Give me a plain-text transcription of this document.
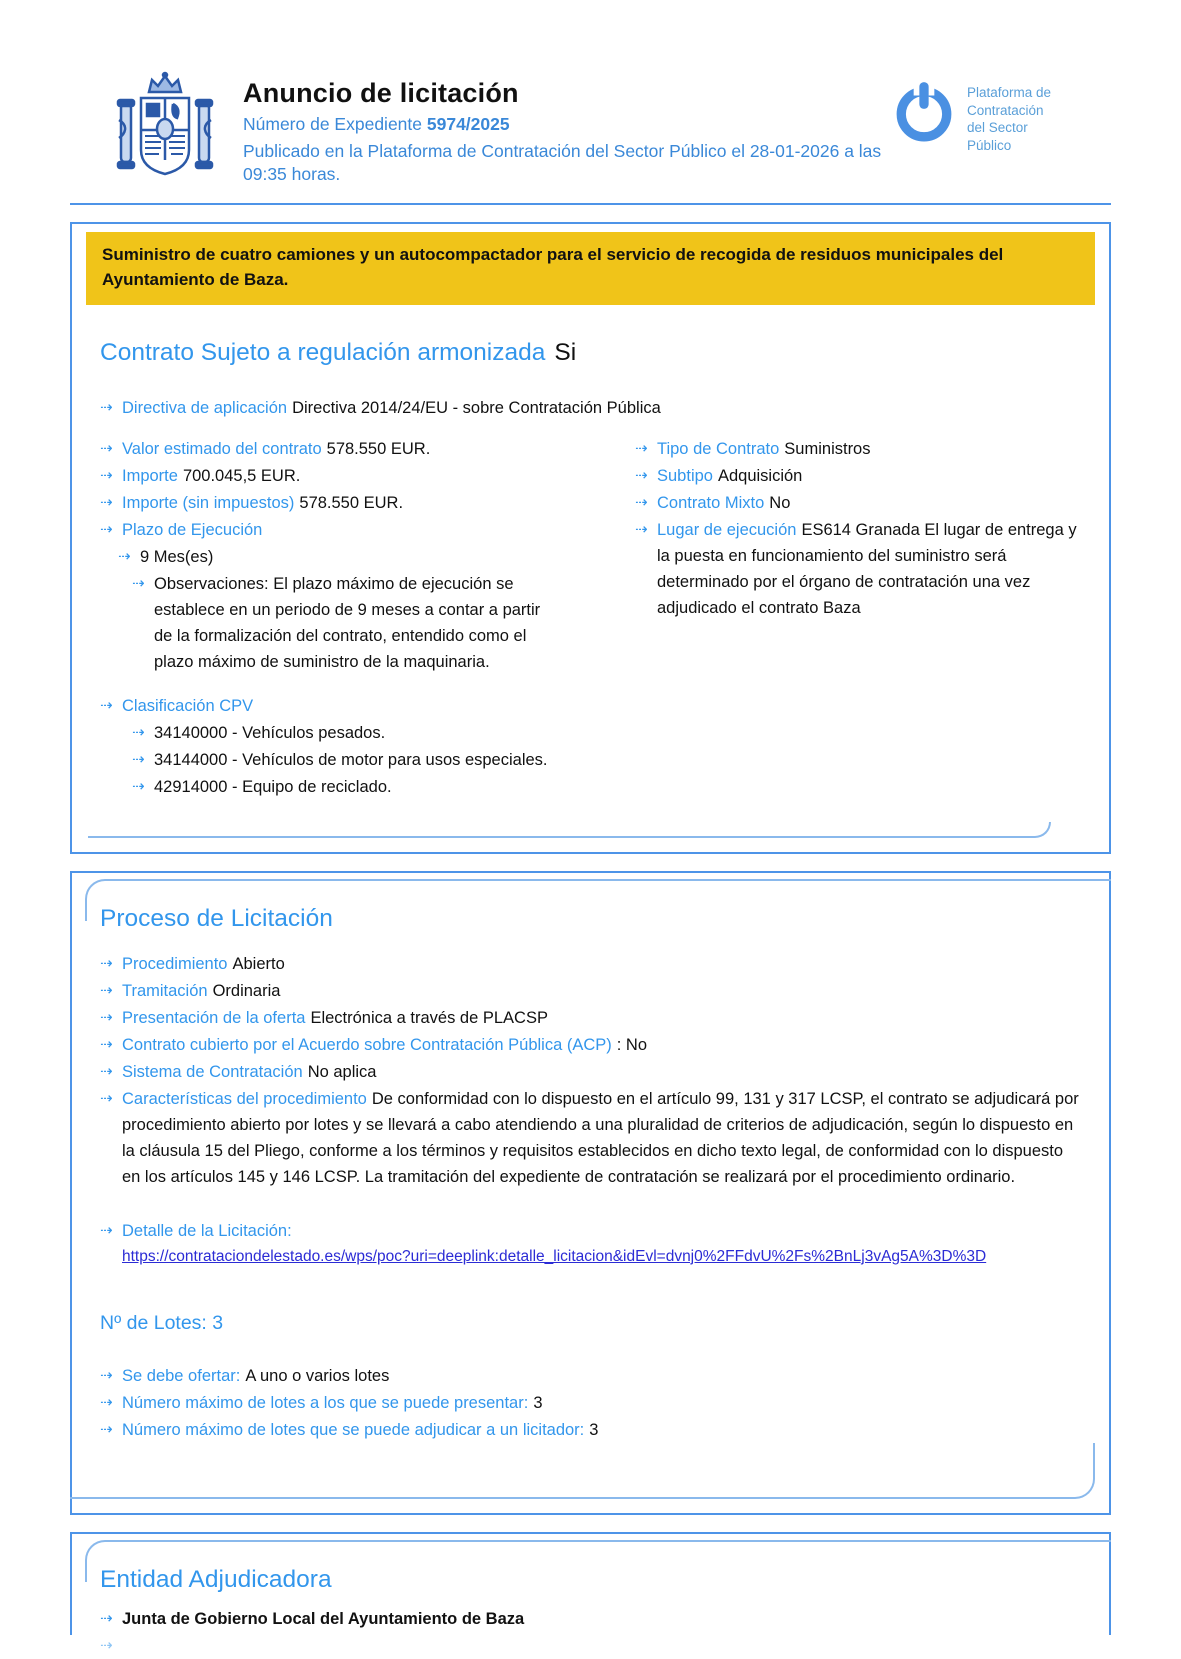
Anuncio de licitación
Número de Expediente 5974/2025
Publicado en la Plataforma de Contratación del Sector Público el 28-01-2026 a las 09:35 horas.
Plataforma de
Contratación
del Sector
Público
Suministro de cuatro camiones y un autocompactador para el servicio de recogida de residuos municipales del Ayuntamiento de Baza.
Contrato Sujeto a regulación armonizada Si
⇢ Directiva de aplicación Directiva 2014/24/EU - sobre Contratación Pública
⇢ Valor estimado del contrato 578.550 EUR.
⇢ Importe 700.045,5 EUR.
⇢ Importe (sin impuestos) 578.550 EUR.
⇢ Plazo de Ejecución
⇢ 9 Mes(es)
⇢ Observaciones: El plazo máximo de ejecución se establece en un periodo de 9 meses a contar a partir de la formalización del contrato, entendido como el plazo máximo de suministro de la maquinaria.
⇢ Tipo de Contrato Suministros
⇢ Subtipo Adquisición
⇢ Contrato Mixto No
⇢ Lugar de ejecución ES614 Granada El lugar de entrega y la puesta en funcionamiento del suministro será determinado por el órgano de contratación una vez adjudicado el contrato Baza
⇢ Clasificación CPV
⇢ 34140000 - Vehículos pesados.
⇢ 34144000 - Vehículos de motor para usos especiales.
⇢ 42914000 - Equipo de reciclado.
Proceso de Licitación
⇢ Procedimiento Abierto
⇢ Tramitación Ordinaria
⇢ Presentación de la oferta Electrónica a través de PLACSP
⇢ Contrato cubierto por el Acuerdo sobre Contratación Pública (ACP) : No
⇢ Sistema de Contratación No aplica
⇢ Características del procedimiento De conformidad con lo dispuesto en el artículo 99, 131 y 317 LCSP, el contrato se adjudicará por procedimiento abierto por lotes y se llevará a cabo atendiendo a una pluralidad de criterios de adjudicación, según lo dispuesto en la cláusula 15 del Pliego, conforme a los términos y requisitos establecidos en dicho texto legal, de conformidad con lo dispuesto en los artículos 145 y 146 LCSP. La tramitación del expediente de contratación se realizará por el procedimiento ordinario.
⇢ Detalle de la Licitación:
https://contrataciondelestado.es/wps/poc?uri=deeplink:detalle_licitacion&idEvl=dvnj0%2FFdvU%2Fs%2BnLj3vAg5A%3D%3D
Nº de Lotes: 3
⇢ Se debe ofertar: A uno o varios lotes
⇢ Número máximo de lotes a los que se puede presentar: 3
⇢ Número máximo de lotes que se puede adjudicar a un licitador: 3
Entidad Adjudicadora
⇢ Junta de Gobierno Local del Ayuntamiento de Baza
⇢
